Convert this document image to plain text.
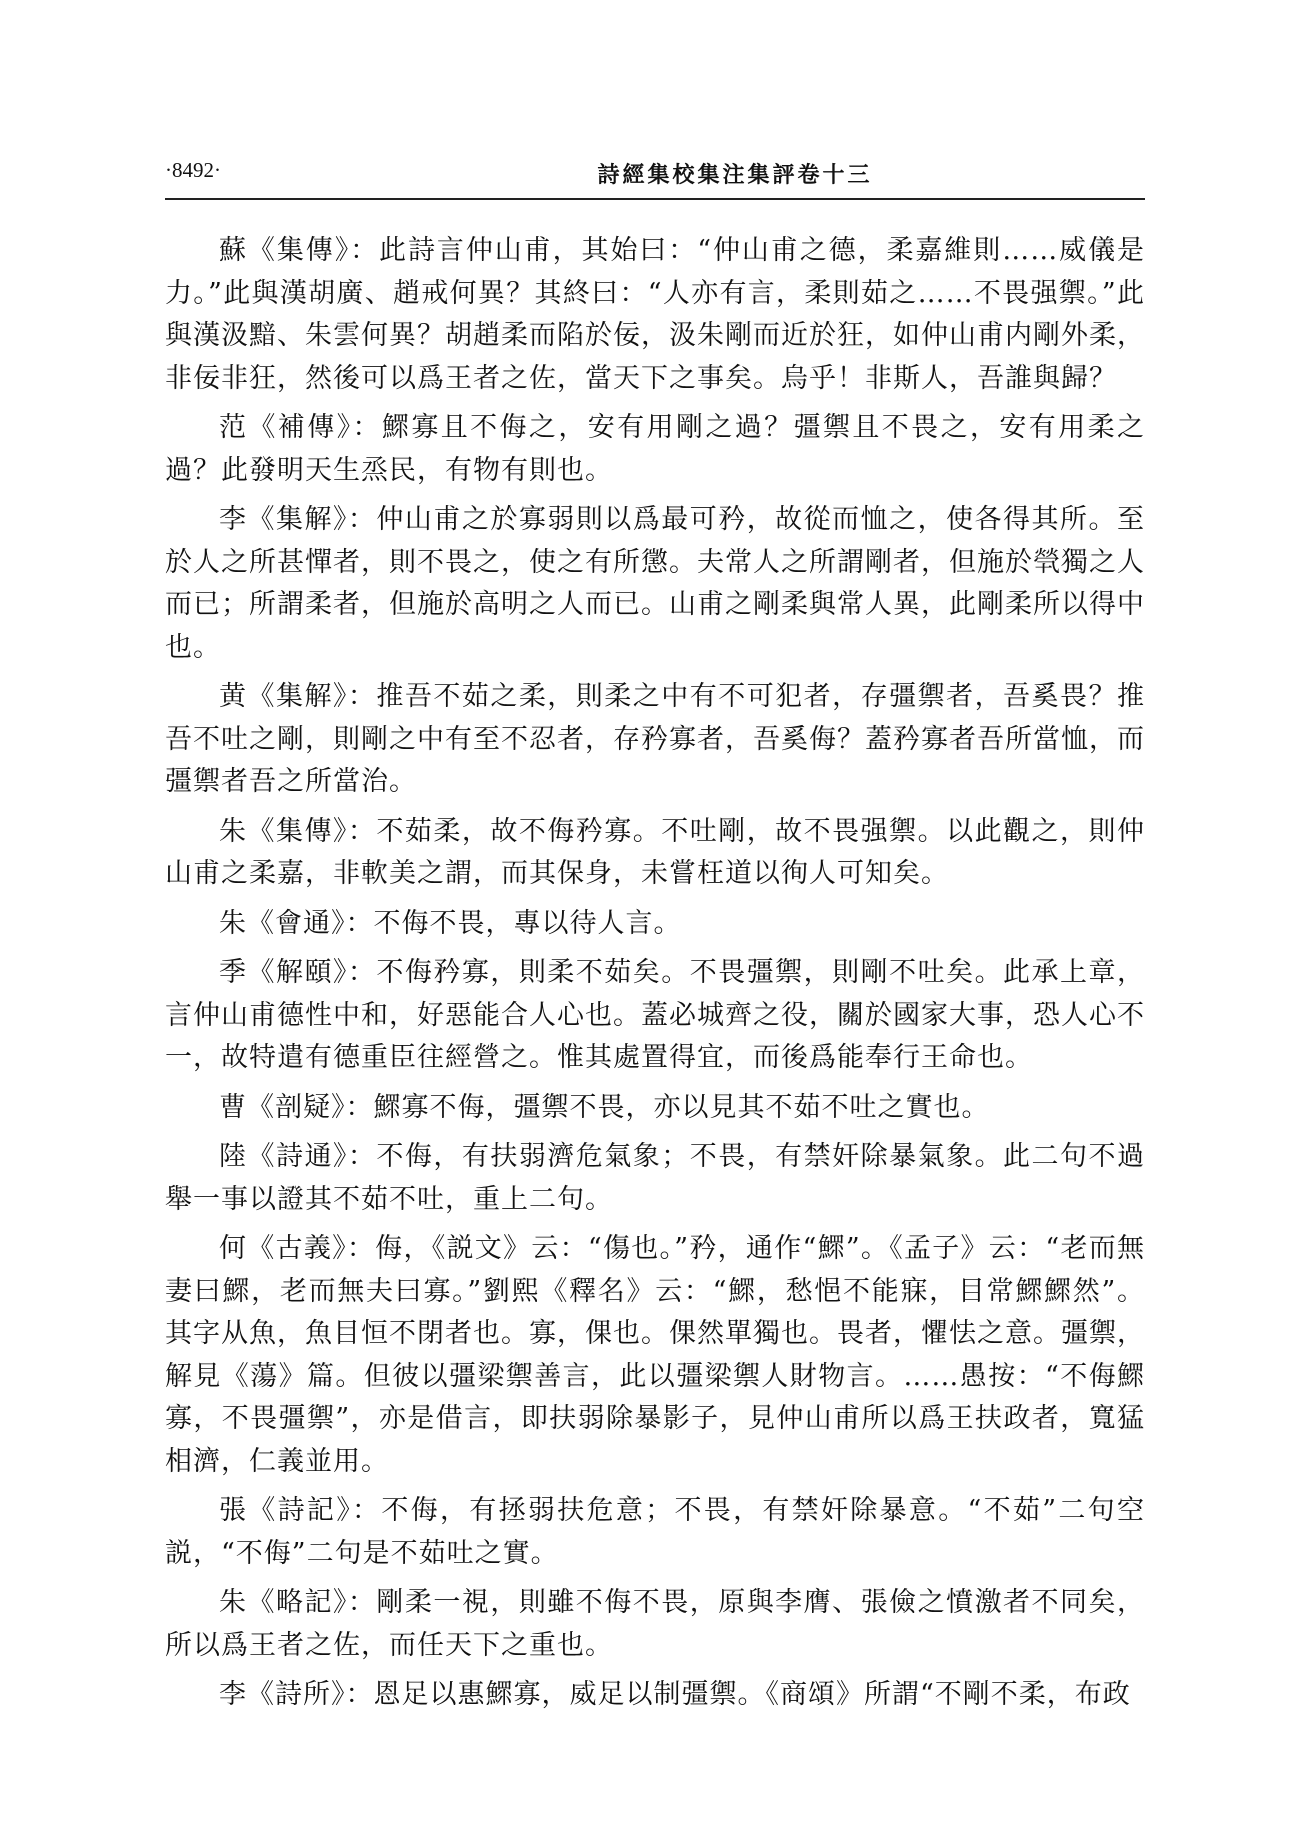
·8492·	詩經集校集注集評卷十三

蘇《集傳》：此詩言仲山甫，其始曰：“仲山甫之德，柔嘉維則……威儀是力。”此與漢胡廣、趙戒何異？其終曰：“人亦有言，柔則茹之……不畏强禦。”此與漢汲黯、朱雲何異？胡趙柔而陷於佞，汲朱剛而近於狂，如仲山甫内剛外柔，非佞非狂，然後可以爲王者之佐，當天下之事矣。烏乎！非斯人，吾誰與歸？

范《補傳》：鰥寡且不侮之，安有用剛之過？彊禦且不畏之，安有用柔之過？此發明天生烝民，有物有則也。

李《集解》：仲山甫之於寡弱則以爲最可矜，故從而恤之，使各得其所。至於人之所甚憚者，則不畏之，使之有所懲。夫常人之所謂剛者，但施於煢獨之人而已；所謂柔者，但施於高明之人而已。山甫之剛柔與常人異，此剛柔所以得中也。

黄《集解》：推吾不茹之柔，則柔之中有不可犯者，存彊禦者，吾奚畏？推吾不吐之剛，則剛之中有至不忍者，存矜寡者，吾奚侮？蓋矜寡者吾所當恤，而彊禦者吾之所當治。

朱《集傳》：不茹柔，故不侮矜寡。不吐剛，故不畏强禦。以此觀之，則仲山甫之柔嘉，非軟美之謂，而其保身，未嘗枉道以徇人可知矣。

朱《會通》：不侮不畏，專以待人言。

季《解頤》：不侮矜寡，則柔不茹矣。不畏彊禦，則剛不吐矣。此承上章，言仲山甫德性中和，好惡能合人心也。蓋必城齊之役，關於國家大事，恐人心不一，故特遣有德重臣往經營之。惟其處置得宜，而後爲能奉行王命也。

曹《剖疑》：鰥寡不侮，彊禦不畏，亦以見其不茹不吐之實也。

陸《詩通》：不侮，有扶弱濟危氣象；不畏，有禁奸除暴氣象。此二句不過舉一事以證其不茹不吐，重上二句。

何《古義》：侮，《説文》云：“傷也。”矜，通作“鰥”。《孟子》云：“老而無妻曰鰥，老而無夫曰寡。”劉熙《釋名》云：“鰥，愁悒不能寐，目常鰥鰥然”。其字从魚，魚目恒不閉者也。寡，倮也。倮然單獨也。畏者，懼怯之意。彊禦，解見《蕩》篇。但彼以彊梁禦善言，此以彊梁禦人財物言。……愚按：“不侮鰥寡，不畏彊禦”，亦是借言，即扶弱除暴影子，見仲山甫所以爲王扶政者，寬猛相濟，仁義並用。

張《詩記》：不侮，有拯弱扶危意；不畏，有禁奸除暴意。“不茹”二句空説，“不侮”二句是不茹吐之實。

朱《略記》：剛柔一視，則雖不侮不畏，原與李膺、張儉之憤激者不同矣，所以爲王者之佐，而任天下之重也。

李《詩所》：恩足以惠鰥寡，威足以制彊禦。《商頌》所謂“不剛不柔，布政
